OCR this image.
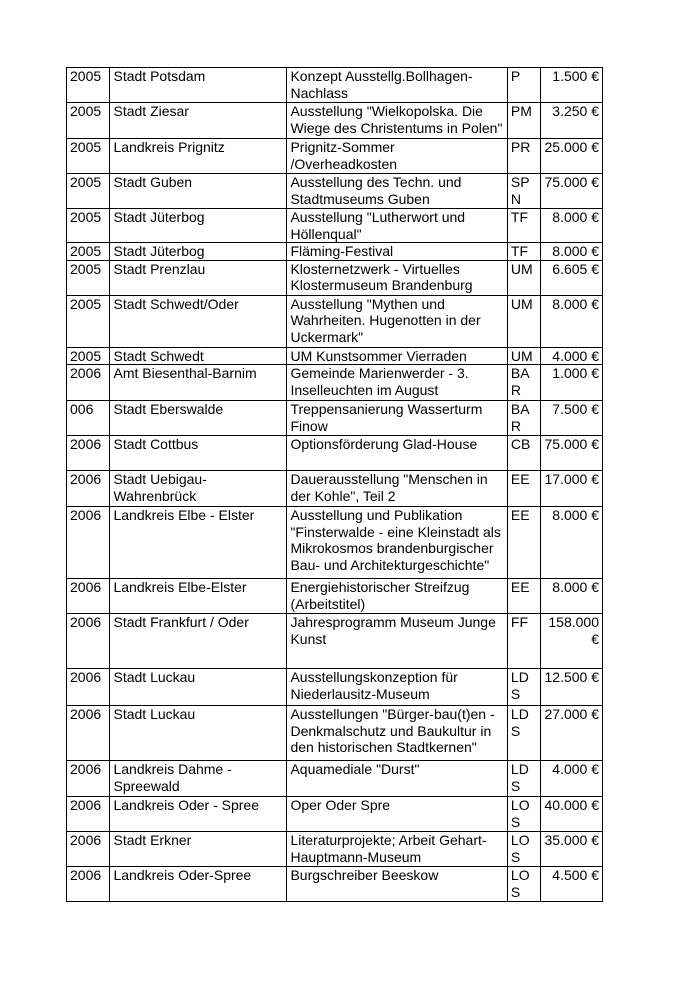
2005	Stadt Potsdam	Konzept Ausstellg.Bollhagen-Nachlass	P	1.500 €
2005	Stadt Ziesar	Ausstellung "Wielkopolska. Die Wiege des Christentums in Polen"	PM	3.250 €
2005	Landkreis Prignitz	Prignitz-Sommer /Overheadkosten	PR	25.000 €
2005	Stadt Guben	Ausstellung des Techn. und Stadtmuseums Guben	SPN	75.000 €
2005	Stadt Jüterbog	Ausstellung "Lutherwort und Höllenqual"	TF	8.000 €
2005	Stadt Jüterbog	Fläming-Festival	TF	8.000 €
2005	Stadt Prenzlau	Klosternetzwerk - Virtuelles Klostermuseum Brandenburg	UM	6.605 €
2005	Stadt Schwedt/Oder	Ausstellung "Mythen und Wahrheiten. Hugenotten in der Uckermark"	UM	8.000 €
2005	Stadt Schwedt	UM Kunstsommer Vierraden	UM	4.000 €
2006	Amt Biesenthal-Barnim	Gemeinde Marienwerder - 3. Inselleuchten im August	BAR	1.000 €
006	Stadt Eberswalde	Treppensanierung Wasserturm Finow	BAR	7.500 €
2006	Stadt Cottbus	Optionsförderung Glad-House	CB	75.000 €
2006	Stadt Uebigau-Wahrenbrück	Dauerausstellung "Menschen in der Kohle", Teil 2	EE	17.000 €
2006	Landkreis Elbe - Elster	Ausstellung und Publikation "Finsterwalde - eine Kleinstadt als Mikrokosmos brandenburgischer Bau- und Architekturgeschichte"	EE	8.000 €
2006	Landkreis Elbe-Elster	Energiehistorischer Streifzug (Arbeitstitel)	EE	8.000 €
2006	Stadt Frankfurt / Oder	Jahresprogramm Museum Junge Kunst	FF	158.000 €
2006	Stadt Luckau	Ausstellungskonzeption für Niederlausitz-Museum	LDS	12.500 €
2006	Stadt Luckau	Ausstellungen "Bürger-bau(t)en - Denkmalschutz und Baukultur in den historischen Stadtkernen"	LDS	27.000 €
2006	Landkreis Dahme - Spreewald	Aquamediale "Durst"	LDS	4.000 €
2006	Landkreis Oder - Spree	Oper Oder Spre	LOS	40.000 €
2006	Stadt Erkner	Literaturprojekte; Arbeit Gehart-Hauptmann-Museum	LOS	35.000 €
2006	Landkreis Oder-Spree	Burgschreiber Beeskow	LOS	4.500 €
